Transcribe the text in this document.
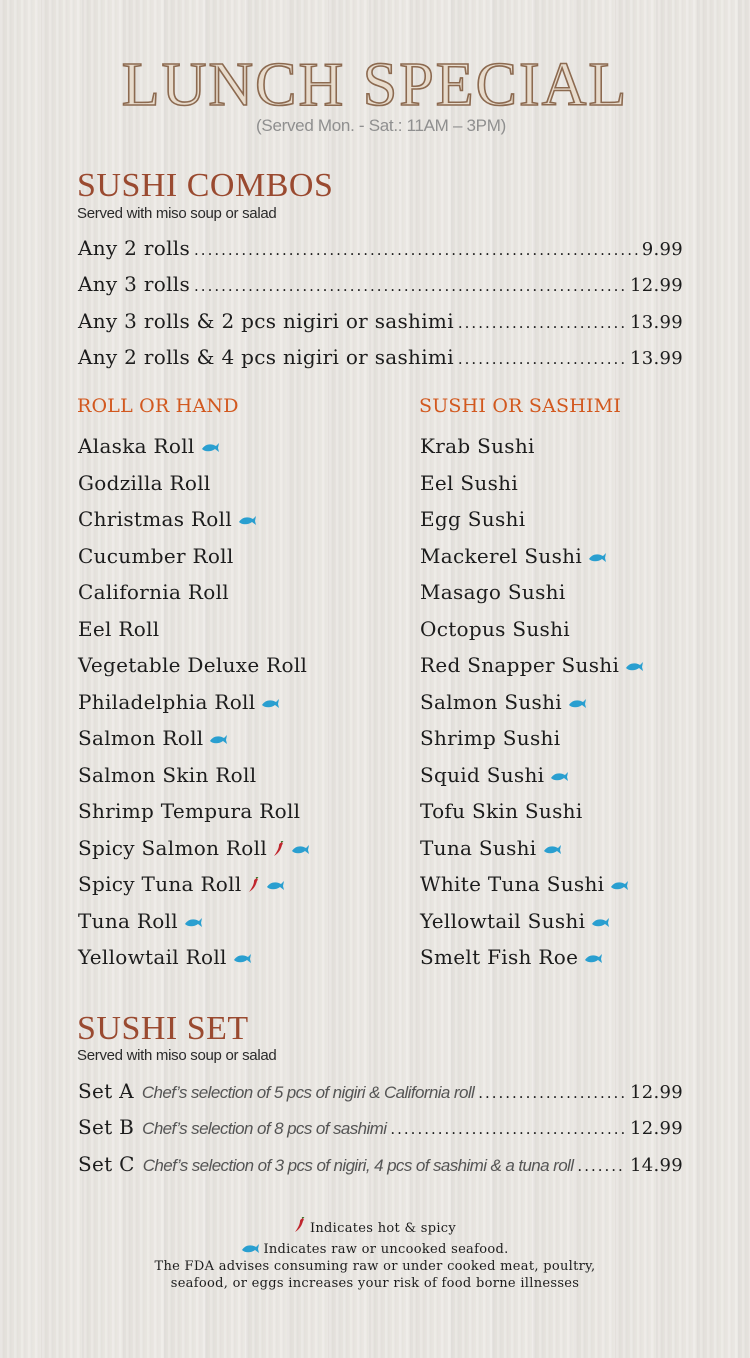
LUNCH SPECIAL
(Served Mon. - Sat.: 11AM – 3PM)
SUSHI COMBOS
Served with miso soup or salad
Any 2 rolls .....	9.99
Any 3 rolls .....	12.99
Any 3 rolls & 2 pcs nigiri or sashimi .....	13.99
Any 2 rolls & 4 pcs nigiri or sashimi .....	13.99
ROLL OR HAND	SUSHI OR SASHIMI
Alaska Roll
Godzilla Roll
Christmas Roll
Cucumber Roll
California Roll
Eel Roll
Vegetable Deluxe Roll
Philadelphia Roll
Salmon Roll
Salmon Skin Roll
Shrimp Tempura Roll
Spicy Salmon Roll
Spicy Tuna Roll
Tuna Roll
Yellowtail Roll
Krab Sushi
Eel Sushi
Egg Sushi
Mackerel Sushi
Masago Sushi
Octopus Sushi
Red Snapper Sushi
Salmon Sushi
Shrimp Sushi
Squid Sushi
Tofu Skin Sushi
Tuna Sushi
White Tuna Sushi
Yellowtail Sushi
Smelt Fish Roe
SUSHI SET
Served with miso soup or salad
Set A Chef’s selection of 5 pcs of nigiri & California roll .....	12.99
Set B Chef’s selection of 8 pcs of sashimi .....	12.99
Set C Chef’s selection of 3 pcs of nigiri, 4 pcs of sashimi & a tuna roll .....	14.99
Indicates hot & spicy
Indicates raw or uncooked seafood.
The FDA advises consuming raw or under cooked meat, poultry,
seafood, or eggs increases your risk of food borne illnesses
